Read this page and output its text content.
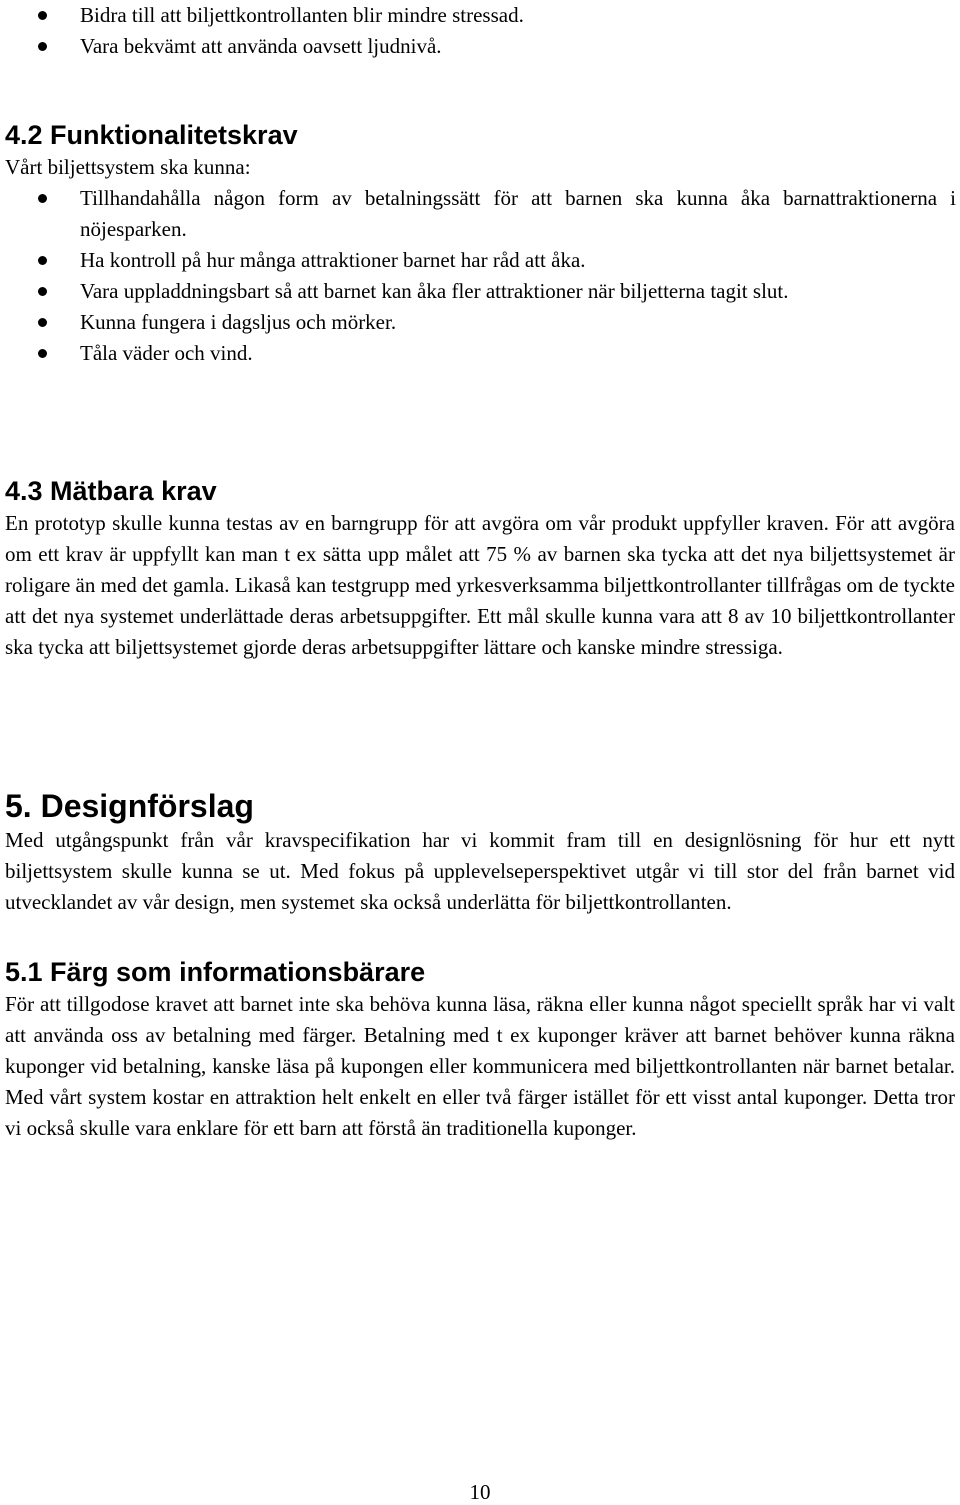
Bidra till att biljettkontrollanten blir mindre stressad.
Vara bekvämt att använda oavsett ljudnivå.
4.2 Funktionalitetskrav

Vårt biljettsystem ska kunna:

Tillhandahålla någon form av betalningssätt för att barnen ska kunna åka barnattraktionerna i nöjesparken.
Ha kontroll på hur många attraktioner barnet har råd att åka.
Vara uppladdningsbart så att barnet kan åka fler attraktioner när biljetterna tagit slut.
Kunna fungera i dagsljus och mörker.
Tåla väder och vind.
4.3 Mätbara krav

En prototyp skulle kunna testas av en barngrupp för att avgöra om vår produkt uppfyller kraven. För att avgöra om ett krav är uppfyllt kan man t ex sätta upp målet att 75 % av barnen ska tycka att det nya biljettsystemet är roligare än med det gamla. Likaså kan testgrupp med yrkesverksamma biljettkontrollanter tillfrågas om de tyckte att det nya systemet underlättade deras arbetsuppgifter. Ett mål skulle kunna vara att 8 av 10 biljettkontrollanter ska tycka att biljettsystemet gjorde deras arbetsuppgifter lättare och kanske mindre stressiga.

5. Designförslag

Med utgångspunkt från vår kravspecifikation har vi kommit fram till en designlösning för hur ett nytt biljettsystem skulle kunna se ut. Med fokus på upplevelseperspektivet utgår vi till stor del från barnet vid utvecklandet av vår design, men systemet ska också underlätta för biljettkontrollanten.

5.1 Färg som informationsbärare

För att tillgodose kravet att barnet inte ska behöva kunna läsa, räkna eller kunna något speciellt språk har vi valt att använda oss av betalning med färger. Betalning med t ex kuponger kräver att barnet behöver kunna räkna kuponger vid betalning, kanske läsa på kupongen eller kommunicera med biljettkontrollanten när barnet betalar. Med vårt system kostar en attraktion helt enkelt en eller två färger istället för ett visst antal kuponger. Detta tror vi också skulle vara enklare för ett barn att förstå än traditionella kuponger.

10
